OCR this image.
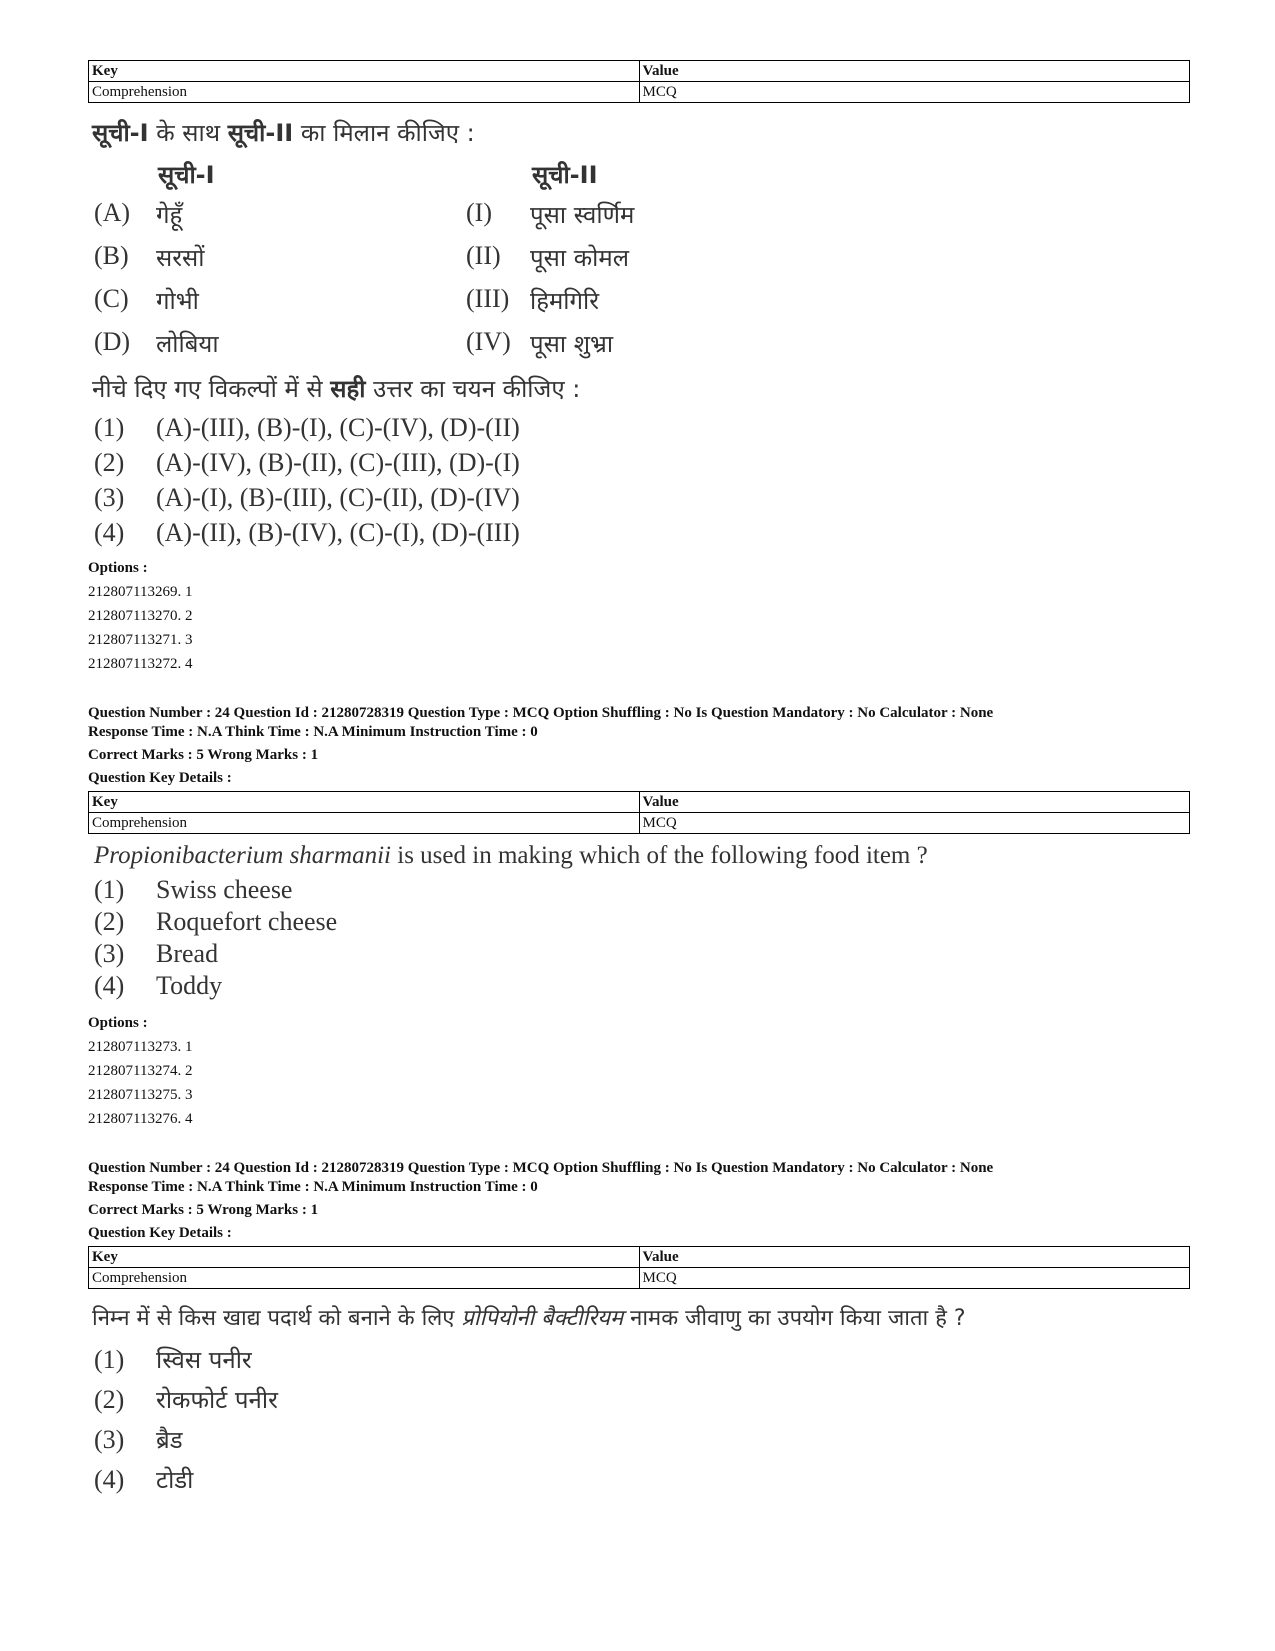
Key	Value
Comprehension	MCQ
सूची-I के साथ सूची-II का मिलान कीजिए :
सूची-I	सूची-II
(A) गेहूँ	(I) पूसा स्वर्णिम
(B) सरसों	(II) पूसा कोमल
(C) गोभी	(III) हिमगिरि
(D) लोबिया	(IV) पूसा शुभ्रा
नीचे दिए गए विकल्पों में से सही उत्तर का चयन कीजिए :
(1) (A)-(III), (B)-(I), (C)-(IV), (D)-(II)
(2) (A)-(IV), (B)-(II), (C)-(III), (D)-(I)
(3) (A)-(I), (B)-(III), (C)-(II), (D)-(IV)
(4) (A)-(II), (B)-(IV), (C)-(I), (D)-(III)
Options :
212807113269. 1
212807113270. 2
212807113271. 3
212807113272. 4
Question Number : 24 Question Id : 21280728319 Question Type : MCQ Option Shuffling : No Is Question Mandatory : No Calculator : None
Response Time : N.A Think Time : N.A Minimum Instruction Time : 0
Correct Marks : 5 Wrong Marks : 1
Question Key Details :
Key	Value
Comprehension	MCQ
Propionibacterium sharmanii is used in making which of the following food item ?
(1) Swiss cheese
(2) Roquefort cheese
(3) Bread
(4) Toddy
Options :
212807113273. 1
212807113274. 2
212807113275. 3
212807113276. 4
Question Number : 24 Question Id : 21280728319 Question Type : MCQ Option Shuffling : No Is Question Mandatory : No Calculator : None
Response Time : N.A Think Time : N.A Minimum Instruction Time : 0
Correct Marks : 5 Wrong Marks : 1
Question Key Details :
Key	Value
Comprehension	MCQ
निम्न में से किस खाद्य पदार्थ को बनाने के लिए प्रोपियोनी बैक्टीरियम नामक जीवाणु का उपयोग किया जाता है ?
(1) स्विस पनीर
(2) रोकफोर्ट पनीर
(3) ब्रैड
(4) टोडी
